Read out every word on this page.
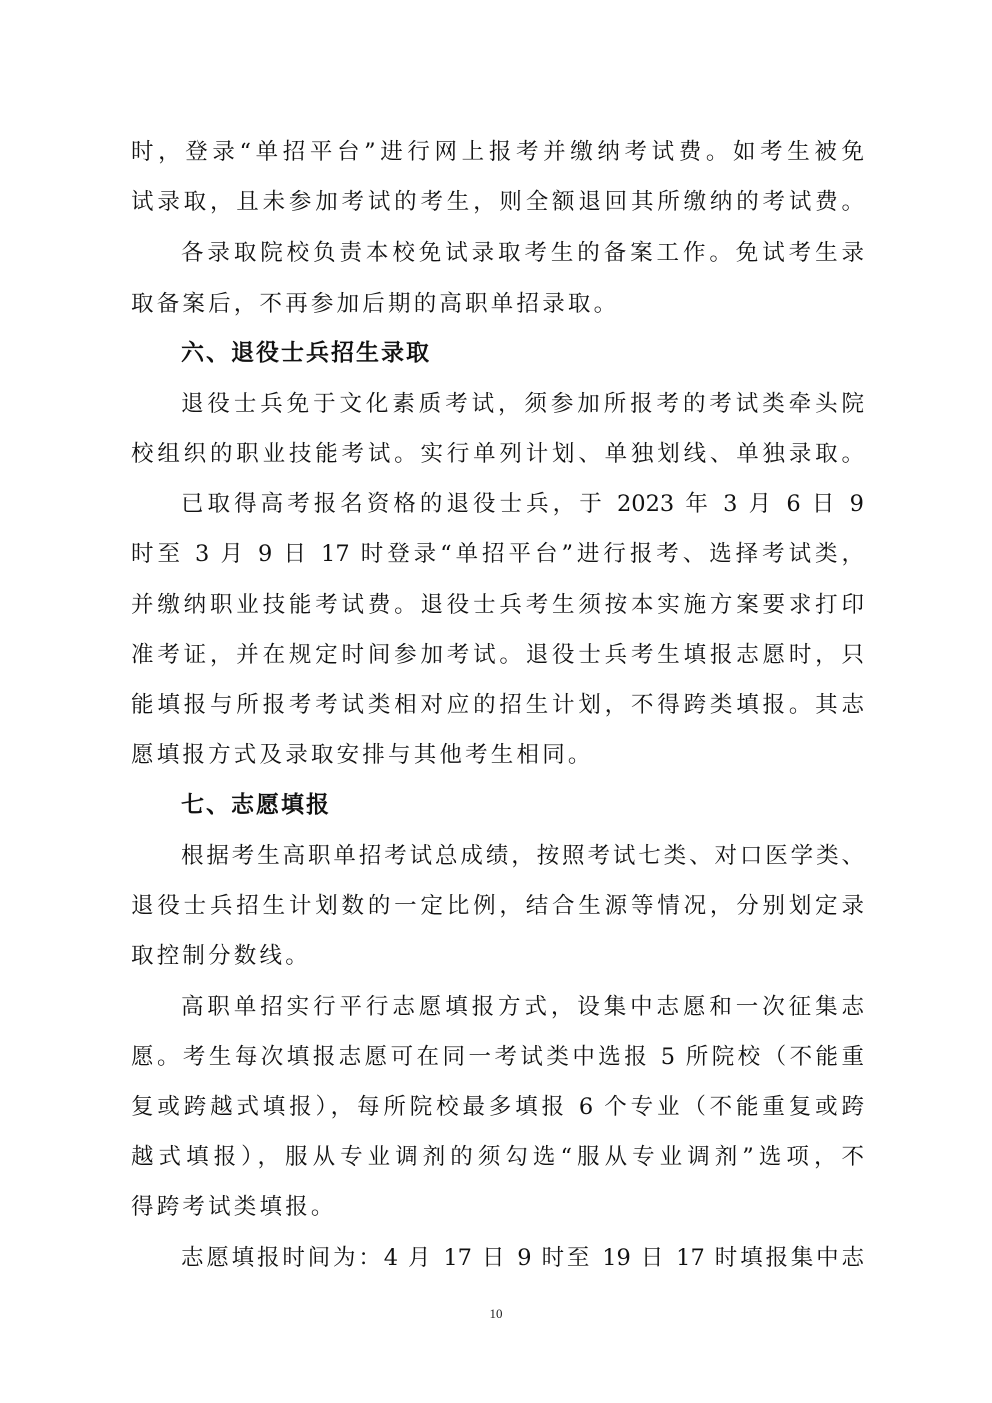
时，登录“单招平台”进行网上报考并缴纳考试费。如考生被免
试录取，且未参加考试的考生，则全额退回其所缴纳的考试费。
各录取院校负责本校免试录取考生的备案工作。免试考生录
取备案后，不再参加后期的高职单招录取。
六、退役士兵招生录取
退役士兵免于文化素质考试，须参加所报考的考试类牵头院
校组织的职业技能考试。实行单列计划、单独划线、单独录取。
已取得高考报名资格的退役士兵，于 2023 年 3 月 6 日 9
时至 3 月 9 日 17 时登录“单招平台”进行报考、选择考试类，
并缴纳职业技能考试费。退役士兵考生须按本实施方案要求打印
准考证，并在规定时间参加考试。退役士兵考生填报志愿时，只
能填报与所报考考试类相对应的招生计划，不得跨类填报。其志
愿填报方式及录取安排与其他考生相同。
七、志愿填报
根据考生高职单招考试总成绩，按照考试七类、对口医学类、
退役士兵招生计划数的一定比例，结合生源等情况，分别划定录
取控制分数线。
高职单招实行平行志愿填报方式，设集中志愿和一次征集志
愿。考生每次填报志愿可在同一考试类中选报 5 所院校（不能重
复或跨越式填报），每所院校最多填报 6 个专业（不能重复或跨
越式填报），服从专业调剂的须勾选“服从专业调剂”选项，不
得跨考试类填报。
志愿填报时间为：4 月 17 日 9 时至 19 日 17 时填报集中志
10
